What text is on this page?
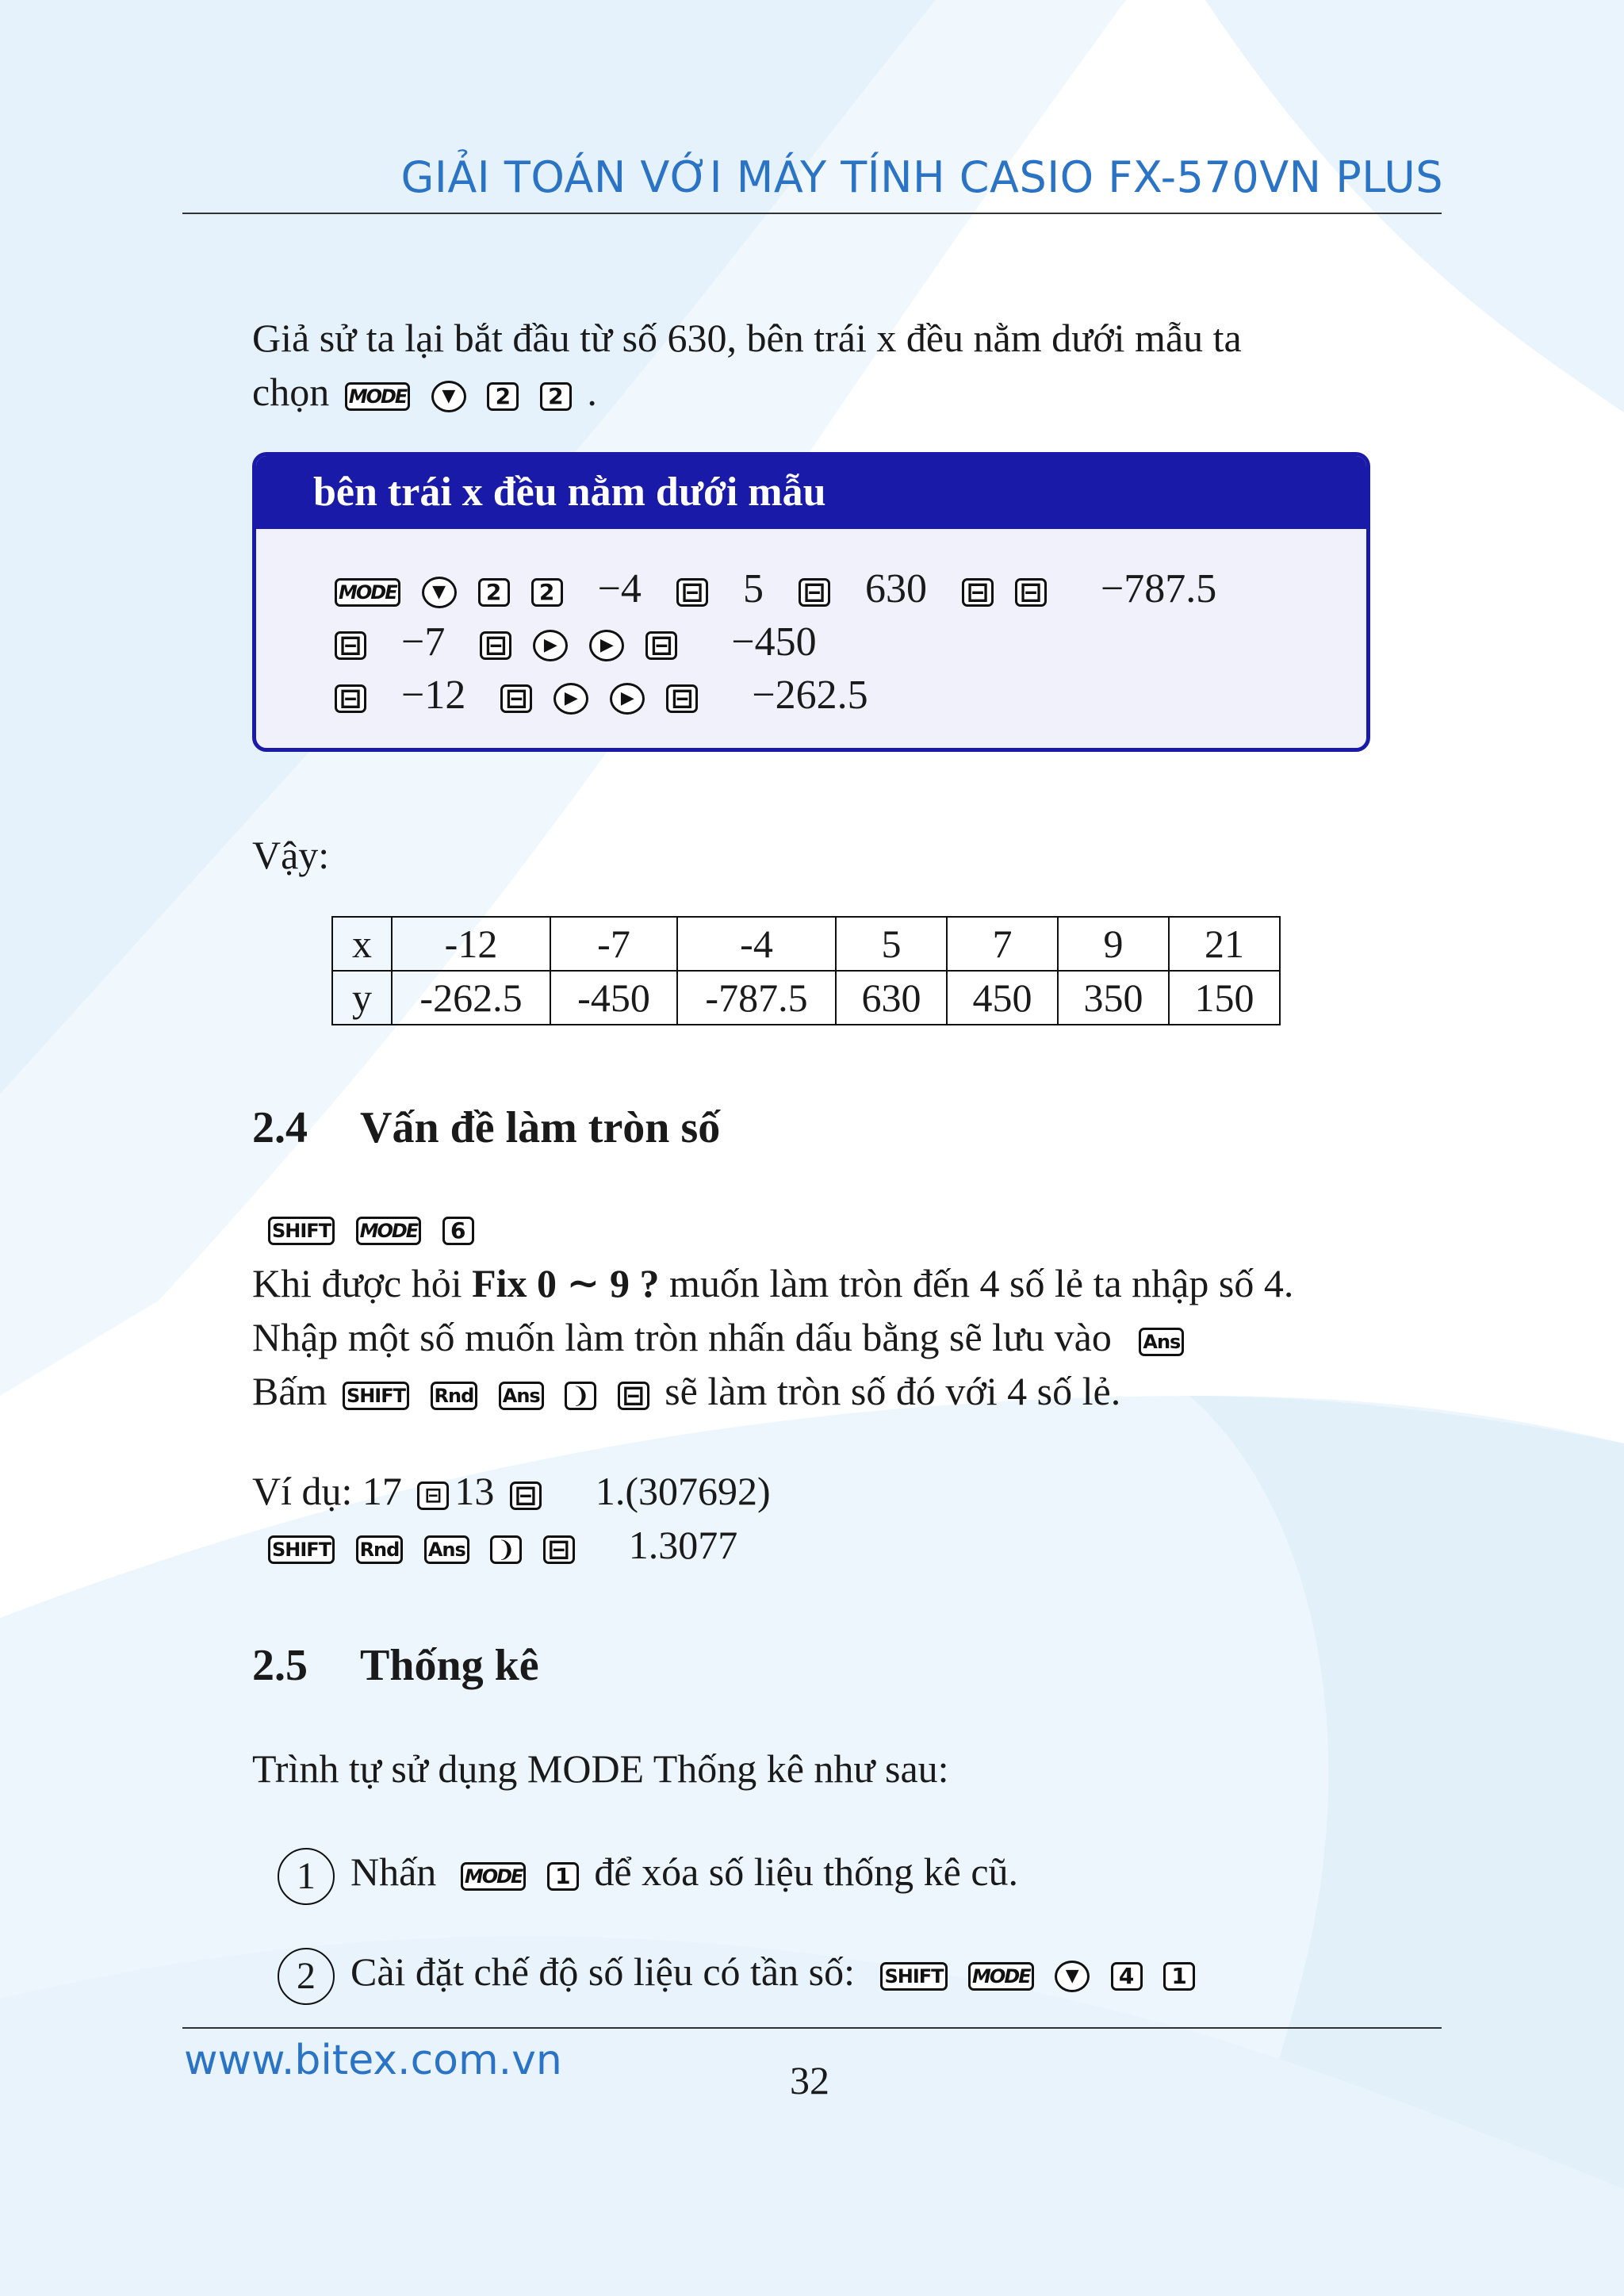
GIẢI TOÁN VỚI MÁY TÍNH CASIO FX-570VN PLUS
Giả sử ta lại bắt đầu từ số 630, bên trái x đều nằm dưới mẫu ta
chọn MODE ▼ 2 2 .
bên trái x đều nằm dưới mẫu
MODE ▼ 2 2 −4 ⊟ 5 ⊟ 630 ⊟ ⊟ −787.5
⊟ −7 ⊟ ▶ ▶ ⊟ −450
⊟ −12 ⊟ ▶ ▶ ⊟ −262.5
Vậy:
x	-12	-7	-4	5	7	9	21
y	-262.5	-450	-787.5	630	450	350	150
2.4 Vấn đề làm tròn số
SHIFT MODE 6
Khi được hỏi Fix 0 ∼ 9 ? muốn làm tròn đến 4 số lẻ ta nhập số 4.
Nhập một số muốn làm tròn nhấn dấu bằng sẽ lưu vào Ans
Bấm SHIFT Rnd Ans ❩ ⊟ sẽ làm tròn số đó với 4 số lẻ.
Ví dụ: 17 ⊟ 13 ⊟ 1.(307692)
SHIFT Rnd Ans ❩ ⊟ 1.3077
2.5 Thống kê
Trình tự sử dụng MODE Thống kê như sau:
1 Nhấn MODE 1 để xóa số liệu thống kê cũ.
2 Cài đặt chế độ số liệu có tần số: SHIFT MODE ▼ 4 1
www.bitex.com.vn	32
